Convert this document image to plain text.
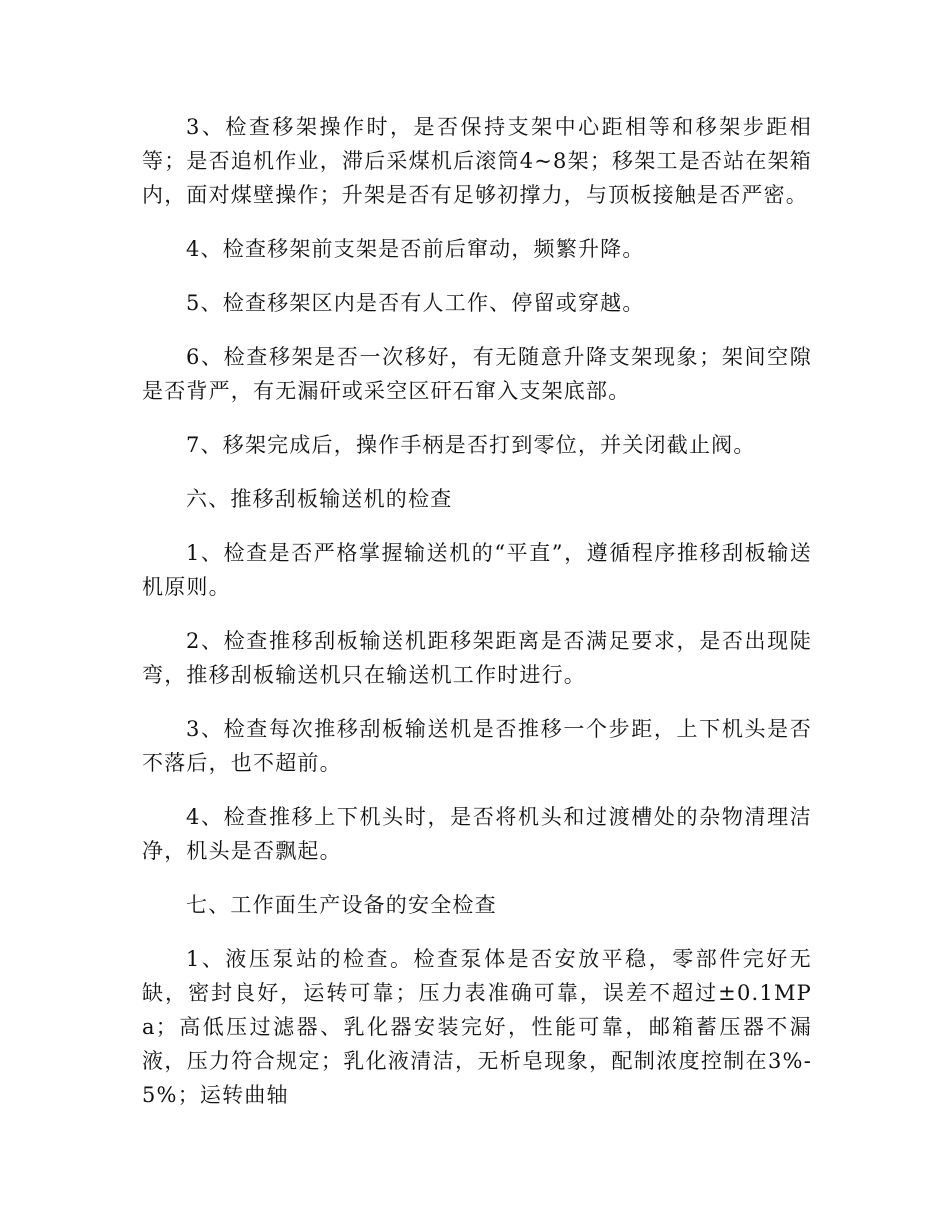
3、检查移架操作时，是否保持支架中心距相等和移架步距相等；是否追机作业，滞后采煤机后滚筒4~8架；移架工是否站在架箱内，面对煤壁操作；升架是否有足够初撑力，与顶板接触是否严密。

4、检查移架前支架是否前后窜动，频繁升降。

5、检查移架区内是否有人工作、停留或穿越。

6、检查移架是否一次移好，有无随意升降支架现象；架间空隙是否背严，有无漏矸或采空区矸石窜入支架底部。

7、移架完成后，操作手柄是否打到零位，并关闭截止阀。

六、推移刮板输送机的检查

1、检查是否严格掌握输送机的“平直”，遵循程序推移刮板输送机原则。

2、检查推移刮板输送机距移架距离是否满足要求，是否出现陡弯，推移刮板输送机只在输送机工作时进行。

3、检查每次推移刮板输送机是否推移一个步距，上下机头是否不落后，也不超前。

4、检查推移上下机头时，是否将机头和过渡槽处的杂物清理洁净，机头是否飘起。

七、工作面生产设备的安全检查

1、液压泵站的检查。检查泵体是否安放平稳，零部件完好无缺，密封良好，运转可靠；压力表准确可靠，误差不超过±0.1MPa；高低压过滤器、乳化器安装完好，性能可靠，邮箱蓄压器不漏液，压力符合规定；乳化液清洁，无析皂现象，配制浓度控制在3%-5%；运转曲轴
